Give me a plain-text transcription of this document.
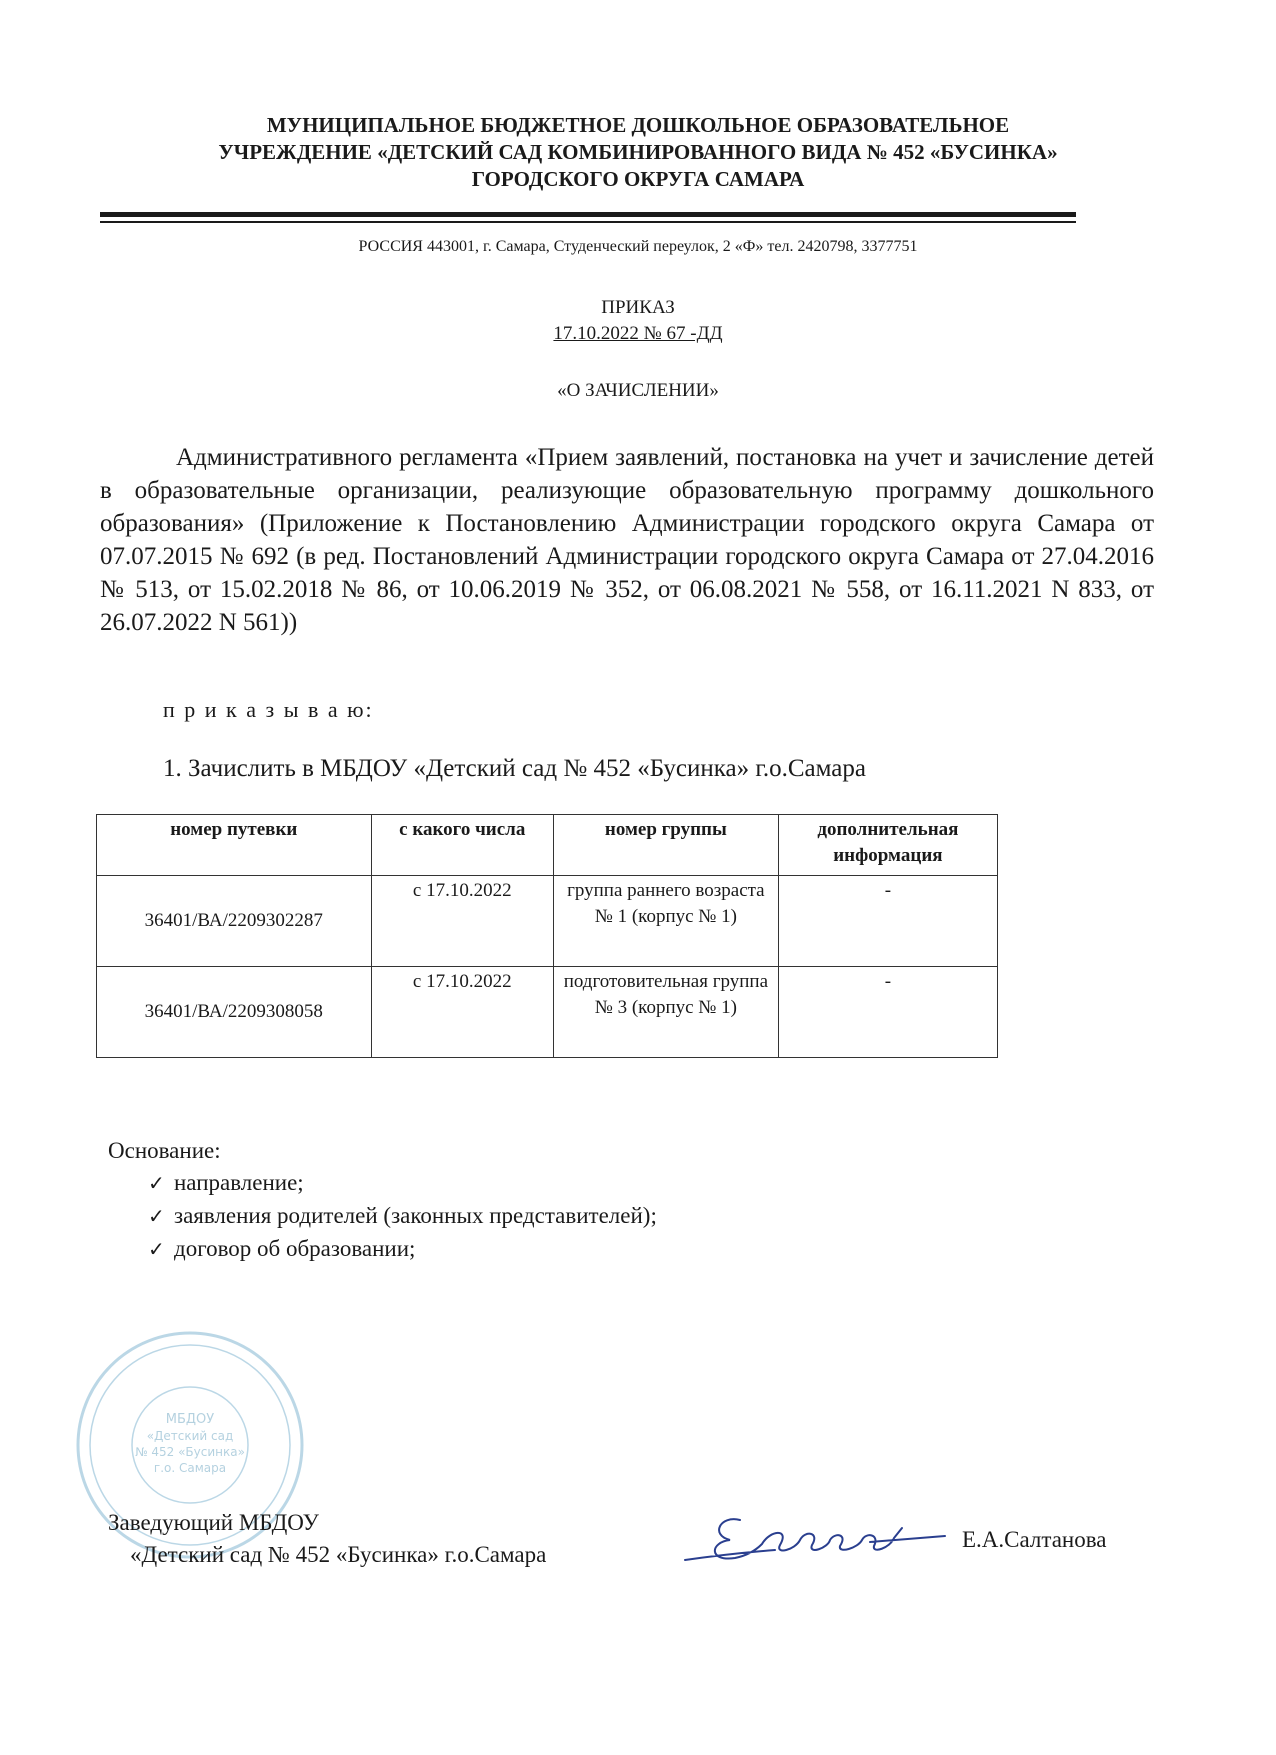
МУНИЦИПАЛЬНОЕ БЮДЖЕТНОЕ ДОШКОЛЬНОЕ ОБРАЗОВАТЕЛЬНОЕ
УЧРЕЖДЕНИЕ «ДЕТСКИЙ САД КОМБИНИРОВАННОГО ВИДА № 452 «БУСИНКА»
ГОРОДСКОГО ОКРУГА САМАРА
РОССИЯ 443001, г. Самара, Студенческий переулок, 2 «Ф» тел. 2420798, 3377751
ПРИКАЗ
17.10.2022 № 67 -ДД
«О ЗАЧИСЛЕНИИ»
Административного регламента «Прием заявлений, постановка на учет и зачисление детей в образовательные организации, реализующие образовательную программу дошкольного образования» (Приложение к Постановлению Администрации городского округа Самара от 07.07.2015 № 692 (в ред. Постановлений Администрации городского округа Самара от 27.04.2016 № 513, от 15.02.2018 № 86, от 10.06.2019 № 352, от 06.08.2021 № 558, от 16.11.2021 N 833, от 26.07.2022 N 561))
п р и к а з ы в а ю:
1. Зачислить в МБДОУ «Детский сад № 452 «Бусинка» г.о.Самара
номер путевки	с какого числа	номер группы	дополнительная информация
36401/ВА/2209302287	с 17.10.2022	группа раннего возраста № 1 (корпус № 1)	-
36401/ВА/2209308058	с 17.10.2022	подготовительная группа № 3 (корпус № 1)	-
Основание:
✓ направление;
✓ заявления родителей (законных представителей);
✓ договор об образовании;
МБДОУ
«Детский сад
№ 452 «Бусинка»
г.о. Самара
Заведующий МБДОУ
«Детский сад № 452 «Бусинка» г.о.Самара
Е.А.Салтанова
